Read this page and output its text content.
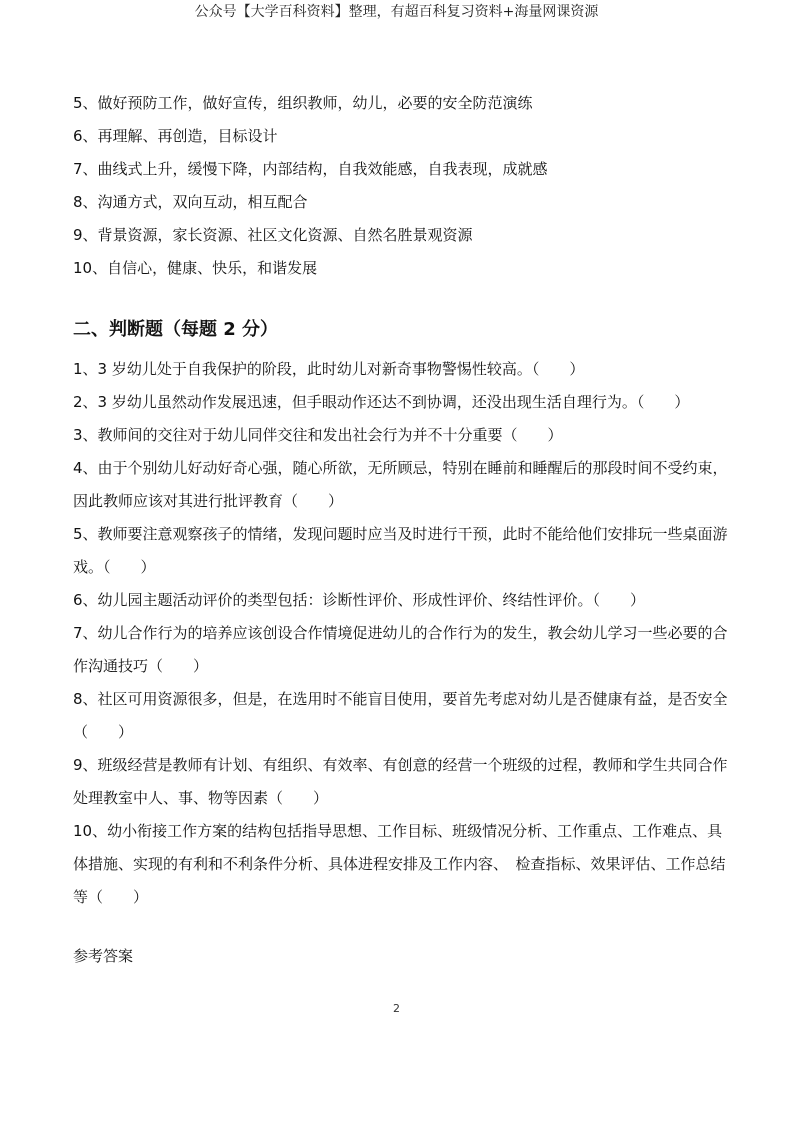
公众号【大学百科资料】整理，有超百科复习资料+海量网课资源
5、做好预防工作，做好宣传，组织教师，幼儿，必要的安全防范演练
6、再理解、再创造，目标设计
7、曲线式上升，缓慢下降，内部结构，自我效能感，自我表现，成就感
8、沟通方式，双向互动，相互配合
9、背景资源，家长资源、社区文化资源、自然名胜景观资源
10、自信心，健康、快乐，和谐发展
二、判断题（每题 2 分）
1、3 岁幼儿处于自我保护的阶段，此时幼儿对新奇事物警惕性较高。（　　）
2、3 岁幼儿虽然动作发展迅速，但手眼动作还达不到协调，还没出现生活自理行为。（　　）
3、教师间的交往对于幼儿同伴交往和发出社会行为并不十分重要（　　）
4、由于个别幼儿好动好奇心强，随心所欲，无所顾忌，特别在睡前和睡醒后的那段时间不受约束，因此教师应该对其进行批评教育（　　）
5、教师要注意观察孩子的情绪，发现问题时应当及时进行干预，此时不能给他们安排玩一些桌面游戏。（　　）
6、幼儿园主题活动评价的类型包括：诊断性评价、形成性评价、终结性评价。（　　）
7、幼儿合作行为的培养应该创设合作情境促进幼儿的合作行为的发生，教会幼儿学习一些必要的合作沟通技巧（　　）
8、社区可用资源很多，但是，在选用时不能盲目使用，要首先考虑对幼儿是否健康有益，是否安全（　　）
9、班级经营是教师有计划、有组织、有效率、有创意的经营一个班级的过程，教师和学生共同合作处理教室中人、事、物等因素（　　）
10、幼小衔接工作方案的结构包括指导思想、工作目标、班级情况分析、工作重点、工作难点、具体措施、实现的有利和不利条件分析、具体进程安排及工作内容、　检查指标、效果评估、工作总结等（　　）
参考答案
2
